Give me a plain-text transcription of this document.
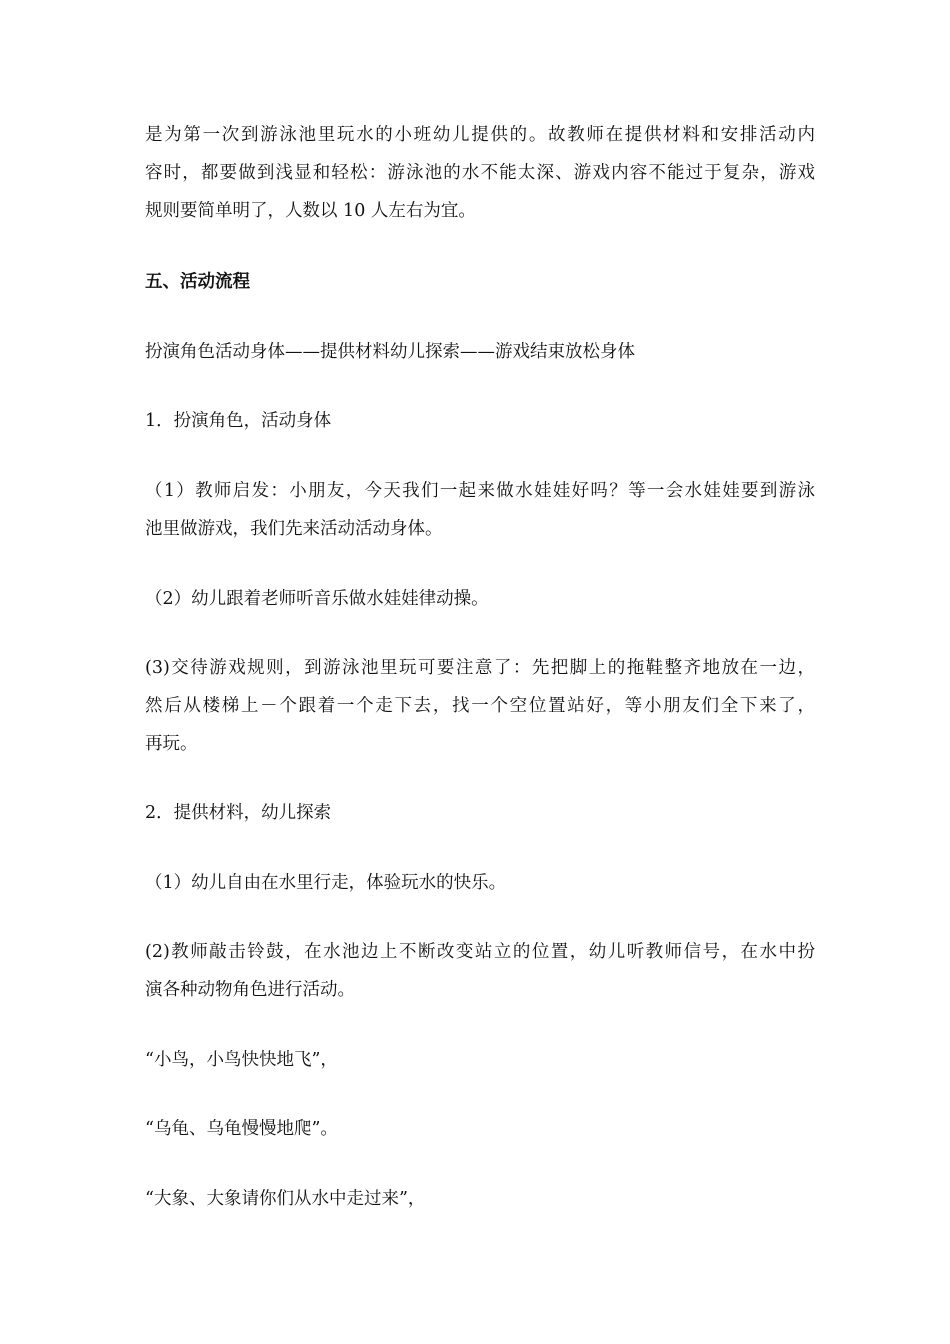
是为第一次到游泳池里玩水的小班幼儿提供的。故教师在提供材料和安排活动内
容时，都要做到浅显和轻松：游泳池的水不能太深、游戏内容不能过于复杂，游戏
规则要简单明了，人数以 10 人左右为宜。
五、活动流程
扮演角色活动身体——提供材料幼儿探索——游戏结束放松身体
1．扮演角色，活动身体
（1）教师启发：小朋友，今天我们一起来做水娃娃好吗？等一会水娃娃要到游泳
池里做游戏，我们先来活动活动身体。
（2）幼儿跟着老师听音乐做水娃娃律动操。
(3)交待游戏规则，到游泳池里玩可要注意了：先把脚上的拖鞋整齐地放在一边，
然后从楼梯上－个跟着一个走下去，找一个空位置站好，等小朋友们全下来了，
再玩。
2．提供材料，幼儿探索
（1）幼儿自由在水里行走，体验玩水的快乐。
(2)教师敲击铃鼓，在水池边上不断改变站立的位置，幼儿听教师信号，在水中扮
演各种动物角色进行活动。
“小鸟，小鸟快快地飞”，
“乌龟、乌龟慢慢地爬”。
“大象、大象请你们从水中走过来”，
